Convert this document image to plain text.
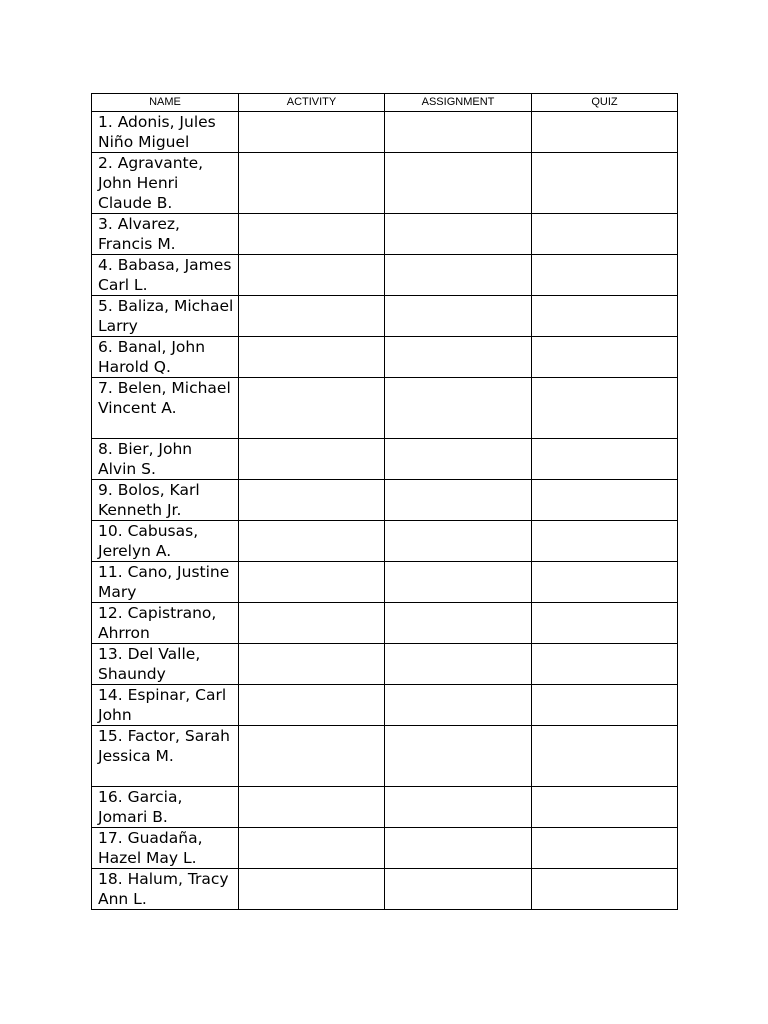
NAME	ACTIVITY	ASSIGNMENT	QUIZ
1. Adonis, Jules Niño Miguel			
2. Agravante, John Henri Claude B.			
3. Alvarez, Francis M.			
4. Babasa, James Carl L.			
5. Baliza, Michael Larry			
6. Banal, John Harold Q.			
7. Belen, Michael Vincent A.			
8. Bier, John Alvin S.			
9. Bolos, Karl Kenneth Jr.			
10. Cabusas, Jerelyn A.			
11. Cano, Justine Mary			
12. Capistrano, Ahrron			
13. Del Valle, Shaundy			
14. Espinar, Carl John			
15. Factor, Sarah Jessica M.			
16. Garcia, Jomari B.			
17. Guadaña, Hazel May L.			
18. Halum, Tracy Ann L.			
